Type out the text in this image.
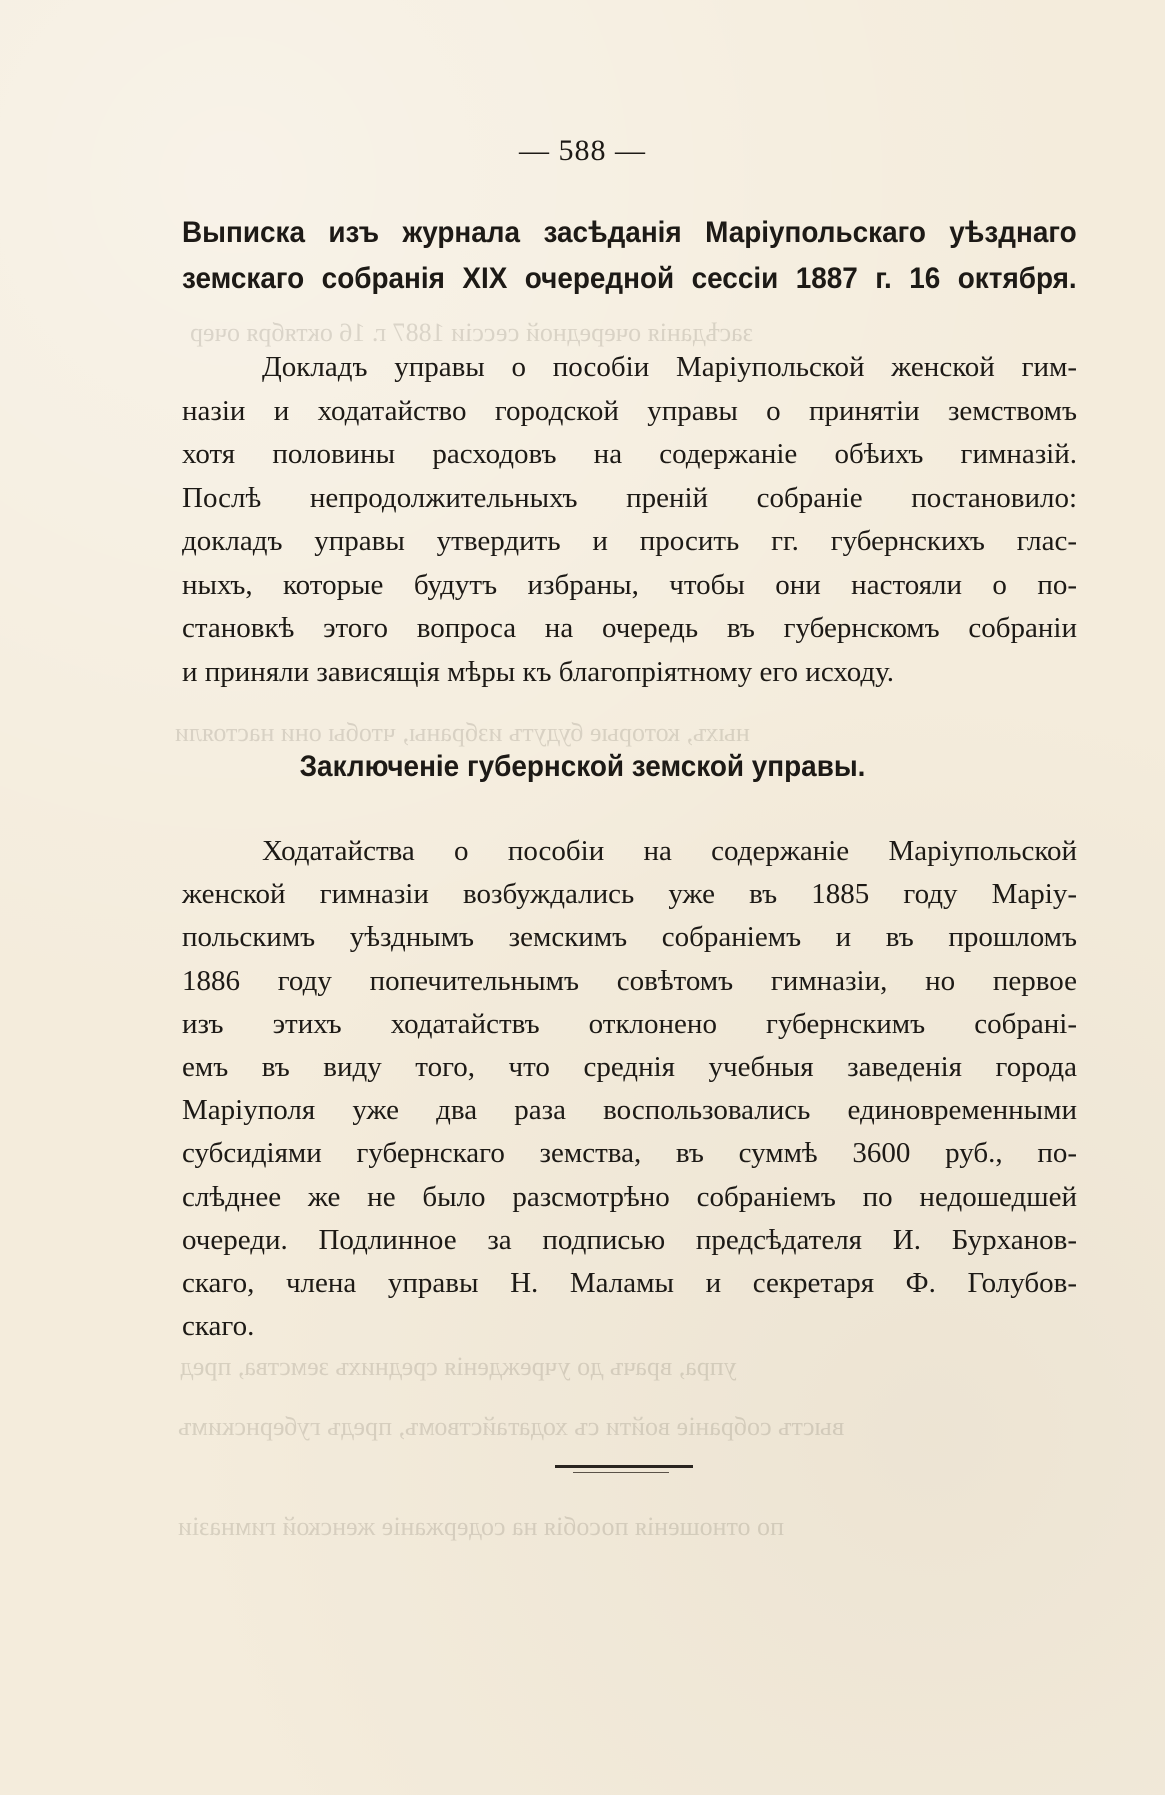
засѣданія очередной сессіи 1887 г. 16 октября очер
ныхъ, которые будутъ избраны, чтобы они настояли
упра, врачъ до учрежденія среднихъ земства, пред
выстъ собраніе войти съ ходатайствомъ, предъ губернскимъ
по отношенія пособія на содержаніе женской гимназіи
— 588 —
Выписка изъ журнала засѣданія Маріупольскаго уѣзднаго
земскаго собранія XIX очередной сессіи 1887 г. 16 октября.
Докладъ управы о пособіи Маріупольской женской гим-
назіи и ходатайство городской управы о принятіи земствомъ
хотя половины расходовъ на содержаніе обѣихъ гимназій.
Послѣ непродолжительныхъ преній собраніе постановило:
докладъ управы утвердить и просить гг. губернскихъ глас-
ныхъ, которые будутъ избраны, чтобы они настояли о по-
становкѣ этого вопроса на очередь въ губернскомъ собраніи
и приняли зависящія мѣры къ благопріятному его исходу.
Заключеніе губернской земской управы.
Ходатайства о пособіи на содержаніе Маріупольской
женской гимназіи возбуждались уже въ 1885 году Маріу-
польскимъ уѣзднымъ земскимъ собраніемъ и въ прошломъ
1886 году попечительнымъ совѣтомъ гимназіи, но первое
изъ этихъ ходатайствъ отклонено губернскимъ собрані-
емъ въ виду того, что среднія учебныя заведенія города
Маріуполя уже два раза воспользовались единовременными
субсидіями губернскаго земства, въ суммѣ 3600 руб., по-
слѣднее же не было разсмотрѣно собраніемъ по недошедшей
очереди. Подлинное за подписью предсѣдателя И. Бурханов-
скаго, члена управы Н. Маламы и секретаря Ф. Голубов-
скаго.
